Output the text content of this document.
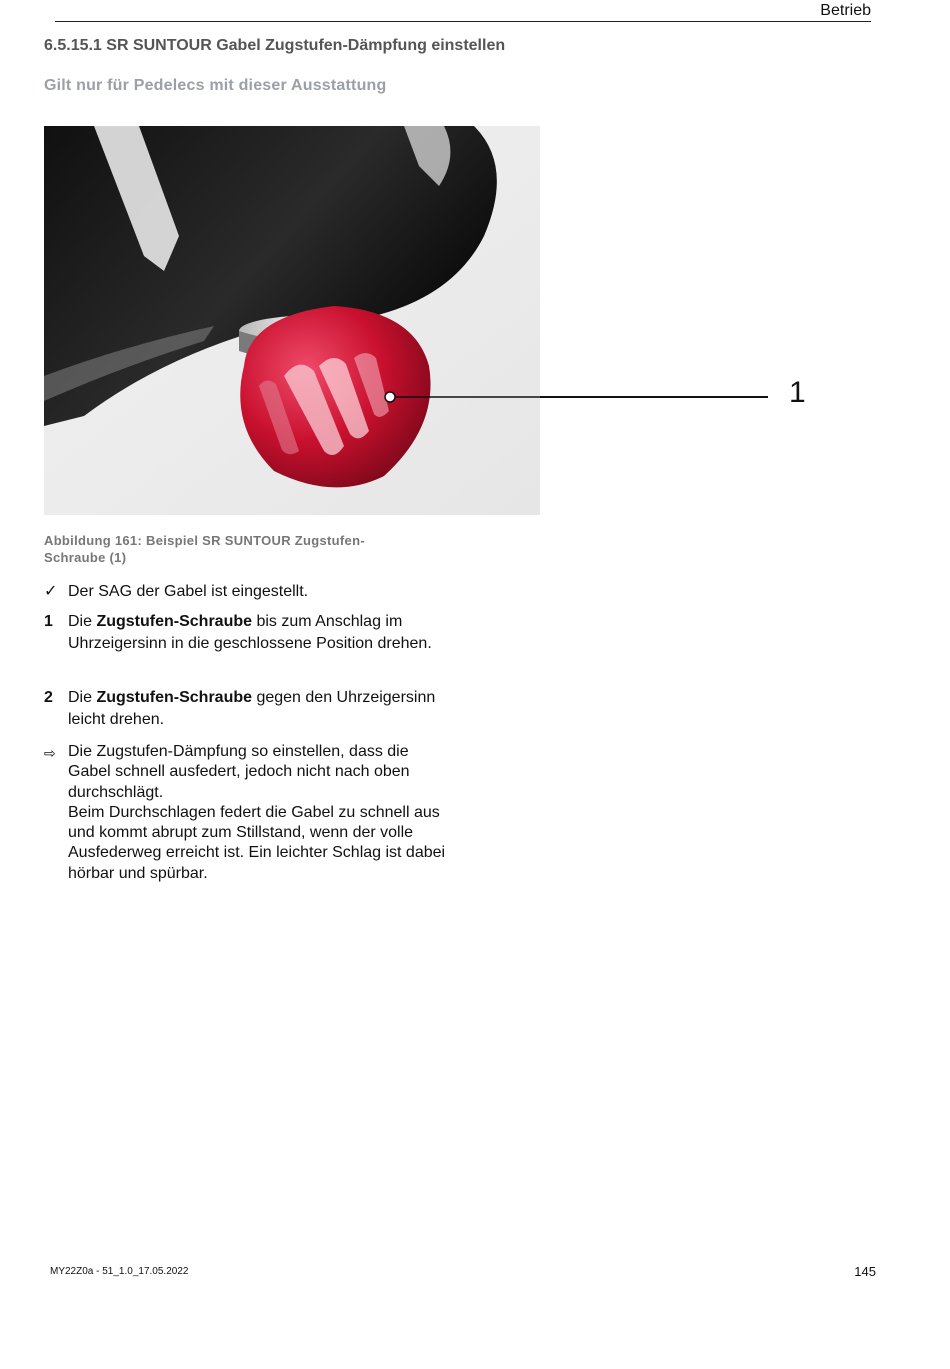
Betrieb
6.5.15.1 SR SUNTOUR Gabel Zugstufen-Dämpfung einstellen
Gilt nur für Pedelecs mit dieser Ausstattung
1
Abbildung 161: Beispiel SR SUNTOUR Zugstufen-Schraube (1)
✓ Der SAG der Gabel ist eingestellt.
1 Die Zugstufen-Schraube bis zum Anschlag im Uhrzeigersinn in die geschlossene Position drehen.
2 Die Zugstufen-Schraube gegen den Uhrzeigersinn leicht drehen.
⇨ Die Zugstufen-Dämpfung so einstellen, dass die Gabel schnell ausfedert, jedoch nicht nach oben durchschlägt.
Beim Durchschlagen federt die Gabel zu schnell aus und kommt abrupt zum Stillstand, wenn der volle Ausfederweg erreicht ist. Ein leichter Schlag ist dabei hörbar und spürbar.
MY22Z0a - 51_1.0_17.05.2022	145
